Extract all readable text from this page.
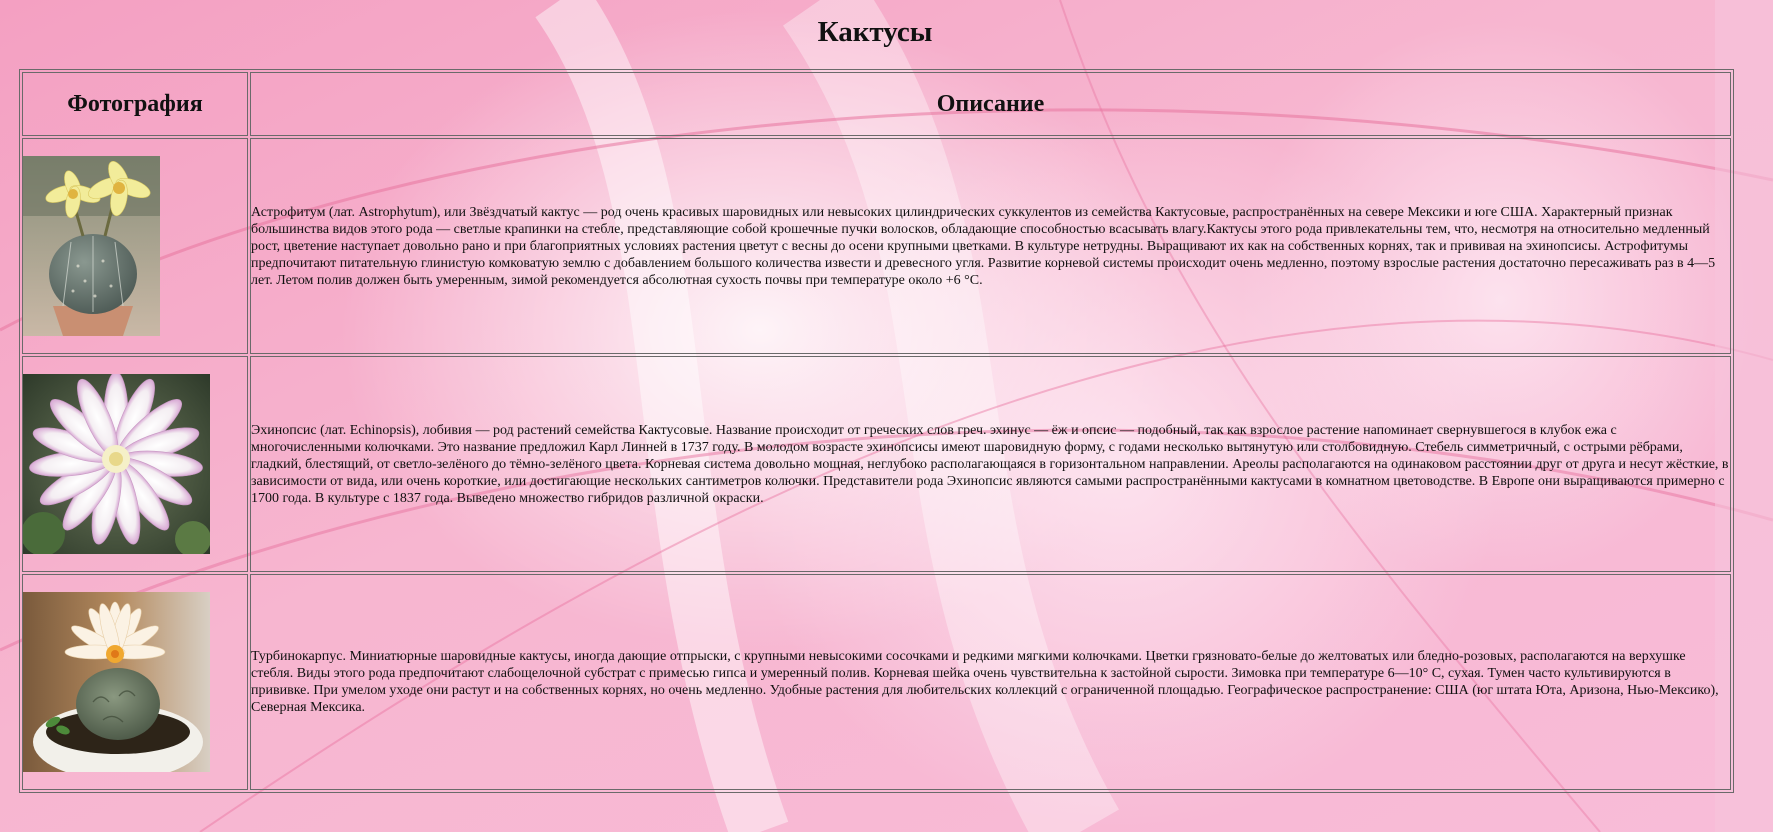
Кактусы
Фотография	Описание

	Астрофитум (лат. Astrophytum), или Звёздчатый кактус — род очень красивых шаровидных или невысоких цилиндрических суккулентов из семейства Кактусовые, распространённых на севере Мексики и юге США. Характерный признак большинства видов этого рода — светлые крапинки на стебле, представляющие собой крошечные пучки волосков, обладающие способностью всасывать влагу.Кактусы этого рода привлекательны тем, что, несмотря на относительно медленный рост, цветение наступает довольно рано и при благоприятных условиях растения цветут с весны до осени крупными цветками. В культуре нетрудны. Выращивают их как на собственных корнях, так и прививая на эхинопсисы. Астрофитумы предпочитают питательную глинистую комковатую землю с добавлением большого количества извести и древесного угля. Развитие корневой системы происходит очень медленно, поэтому взрослые растения достаточно пересаживать раз в 4—5 лет. Летом полив должен быть умеренным, зимой рекомендуется абсолютная сухость почвы при температуре около +6 °C.

	Эхинопсис (лат. Echinopsis), лобивия — род растений семейства Кактусовые. Название происходит от греческих слов греч. эхинус — ёж и опсис — подобный, так как взрослое растение напоминает свернувшегося в клубок ежа с многочисленными колючками. Это название предложил Карл Линней в 1737 году. В молодом возрасте эхинопсисы имеют шаровидную форму, с годами несколько вытянутую или столбовидную. Стебель симметричный, с острыми рёбрами, гладкий, блестящий, от светло-зелёного до тёмно-зелёного цвета. Корневая система довольно мощная, неглубоко располагающаяся в горизонтальном направлении. Ареолы располагаются на одинаковом расстоянии друг от друга и несут жёсткие, в зависимости от вида, или очень короткие, или достигающие нескольких сантиметров колючки. Представители рода Эхинопсис являются самыми распространёнными кактусами в комнатном цветоводстве. В Европе они выращиваются примерно с 1700 года. В культуре с 1837 года. Выведено множество гибридов различной окраски.

	Турбинокарпус. Миниатюрные шаровидные кактусы, иногда дающие отпрыски, с крупными невысокими сосочками и редкими мягкими колючками. Цветки грязновато-белые до желтоватых или бледно-розовых, располагаются на верхушке стебля. Виды этого рода предпочитают слабощелочной субстрат с примесью гипса и умеренный полив. Корневая шейка очень чувствительна к застойной сырости. Зимовка при температуре 6—10° C, сухая. Тумен часто культивируются в прививке. При умелом уходе они растут и на собственных корнях, но очень медленно. Удобные растения для любительских коллекций с ограниченной площадью. Географическое распространение: США (юг штата Юта, Аризона, Нью-Мексико), Северная Мексика.
